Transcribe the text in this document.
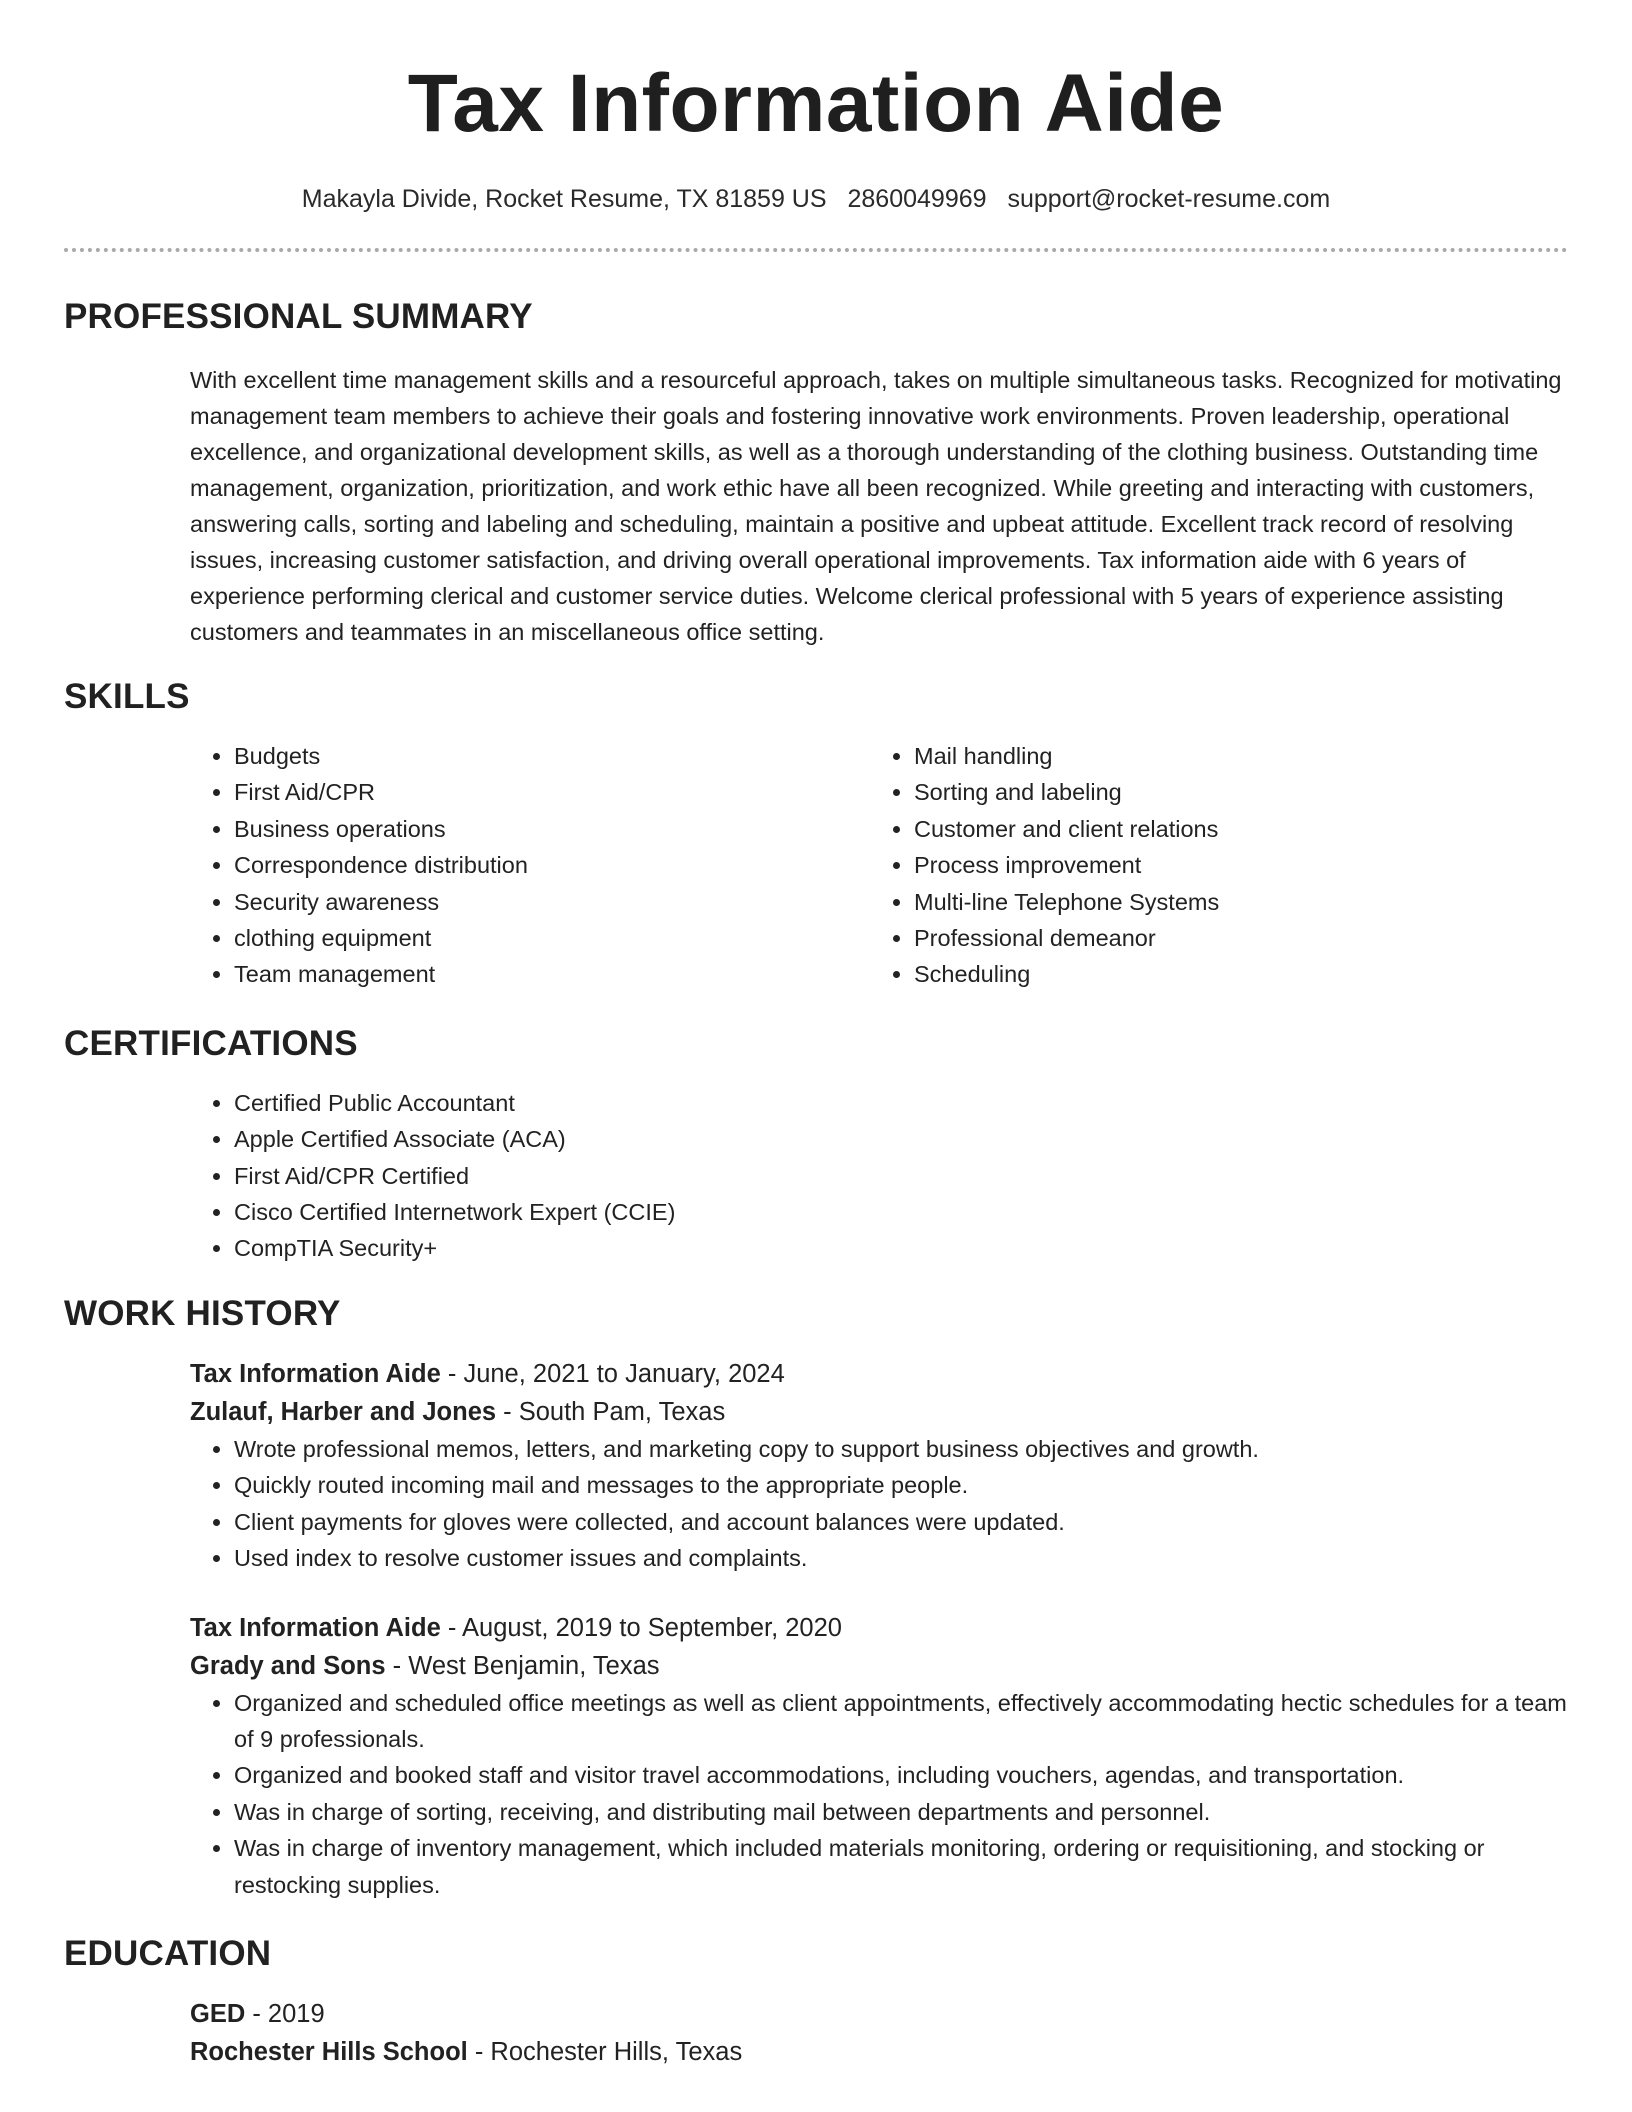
Tax Information Aide
Makayla Divide, Rocket Resume, TX 81859 US 2860049969 support@rocket-resume.com
PROFESSIONAL SUMMARY

With excellent time management skills and a resourceful approach, takes on multiple simultaneous tasks. Recognized for motivating management team members to achieve their goals and fostering innovative work environments. Proven leadership, operational excellence, and organizational development skills, as well as a thorough understanding of the clothing business. Outstanding time management, organization, prioritization, and work ethic have all been recognized. While greeting and interacting with customers, answering calls, sorting and labeling and scheduling, maintain a positive and upbeat attitude. Excellent track record of resolving issues, increasing customer satisfaction, and driving overall operational improvements. Tax information aide with 6 years of experience performing clerical and customer service duties. Welcome clerical professional with 5 years of experience assisting customers and teammates in an miscellaneous office setting.

SKILLS
• Budgets
• First Aid/CPR
• Business operations
• Correspondence distribution
• Security awareness
• clothing equipment
• Team management
• Mail handling
• Sorting and labeling
• Customer and client relations
• Process improvement
• Multi-line Telephone Systems
• Professional demeanor
• Scheduling
CERTIFICATIONS
• Certified Public Accountant
• Apple Certified Associate (ACA)
• First Aid/CPR Certified
• Cisco Certified Internetwork Expert (CCIE)
• CompTIA Security+
WORK HISTORY
Tax Information Aide - June, 2021 to January, 2024
Zulauf, Harber and Jones - South Pam, Texas
• Wrote professional memos, letters, and marketing copy to support business objectives and growth.
• Quickly routed incoming mail and messages to the appropriate people.
• Client payments for gloves were collected, and account balances were updated.
• Used index to resolve customer issues and complaints.
Tax Information Aide - August, 2019 to September, 2020
Grady and Sons - West Benjamin, Texas
• Organized and scheduled office meetings as well as client appointments, effectively accommodating hectic schedules for a team of 9 professionals.
• Organized and booked staff and visitor travel accommodations, including vouchers, agendas, and transportation.
• Was in charge of sorting, receiving, and distributing mail between departments and personnel.
• Was in charge of inventory management, which included materials monitoring, ordering or requisitioning, and stocking or restocking supplies.
EDUCATION
GED - 2019
Rochester Hills School - Rochester Hills, Texas
